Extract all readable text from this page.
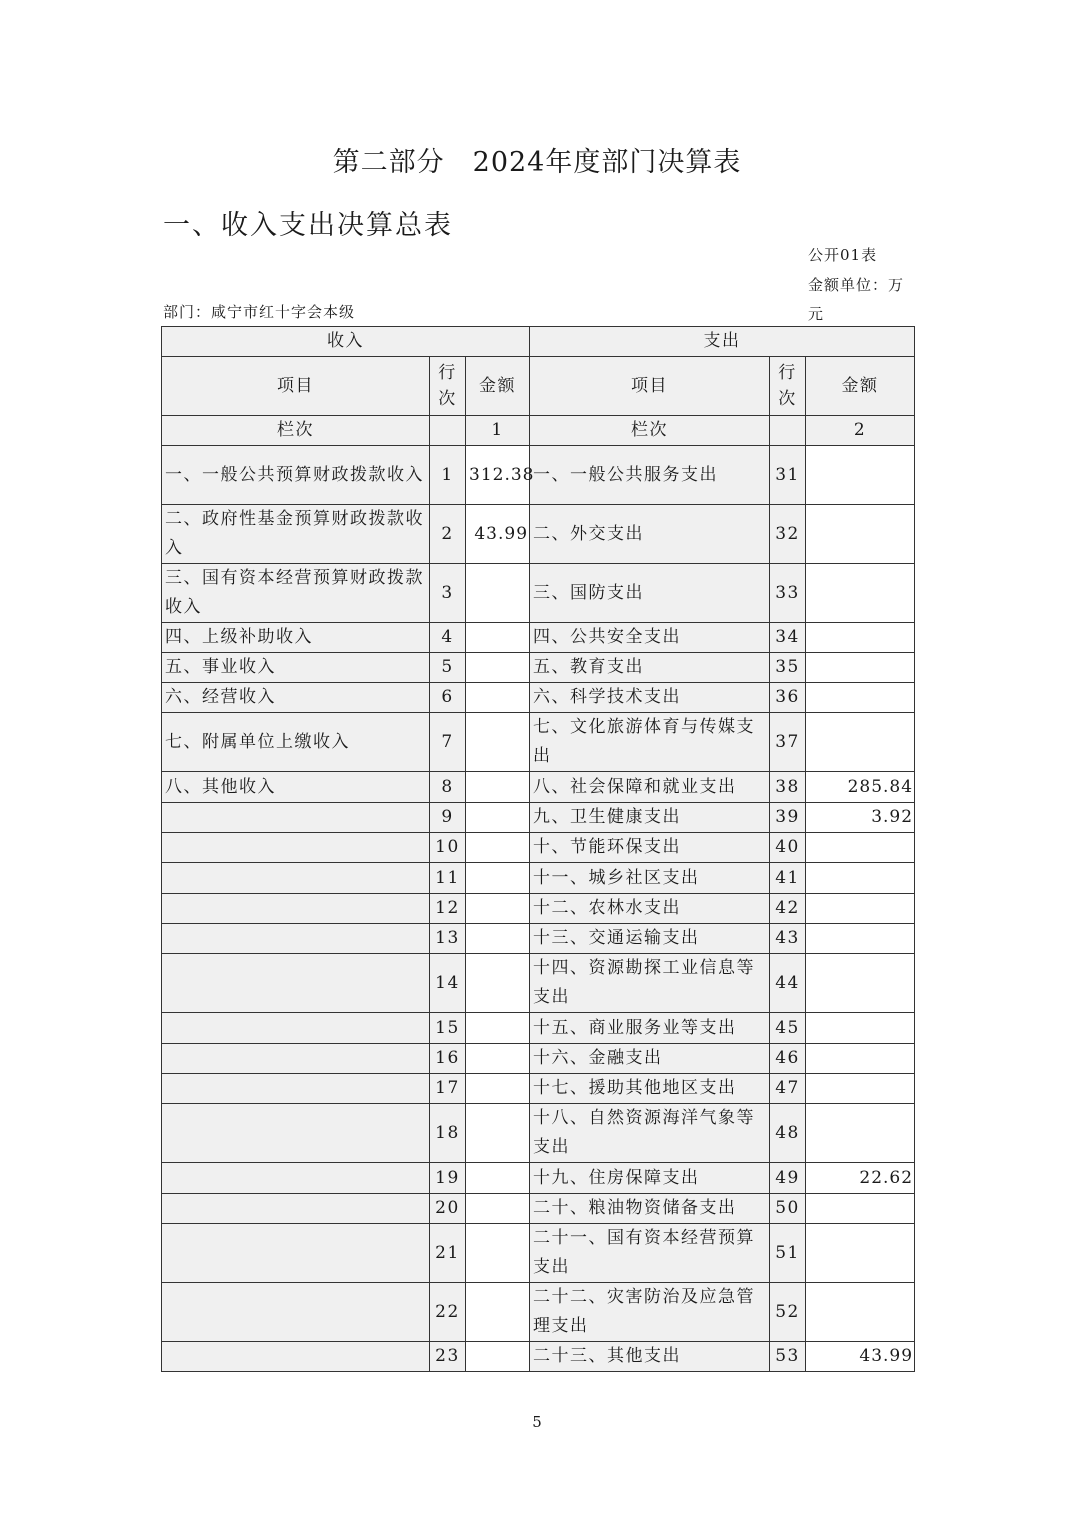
第二部分　2024年度部门决算表
一、收入支出决算总表
公开01表
金额单位：万
元
部门：咸宁市红十字会本级
收入			支出		
项目	行次	金额	项目	行次	金额
栏次		1	栏次		2
一、一般公共预算财政拨款收入	1	312.38	一、一般公共服务支出	31	
二、政府性基金预算财政拨款收入	2	43.99	二、外交支出	32	
三、国有资本经营预算财政拨款收入	3		三、国防支出	33	
四、上级补助收入	4		四、公共安全支出	34	
五、事业收入	5		五、教育支出	35	
六、经营收入	6		六、科学技术支出	36	
七、附属单位上缴收入	7		七、文化旅游体育与传媒支出	37	
八、其他收入	8		八、社会保障和就业支出	38	285.84
	9		九、卫生健康支出	39	3.92
	10		十、节能环保支出	40	
	11		十一、城乡社区支出	41	
	12		十二、农林水支出	42	
	13		十三、交通运输支出	43	
	14		十四、资源勘探工业信息等支出	44	
	15		十五、商业服务业等支出	45	
	16		十六、金融支出	46	
	17		十七、援助其他地区支出	47	
	18		十八、自然资源海洋气象等支出	48	
	19		十九、住房保障支出	49	22.62
	20		二十、粮油物资储备支出	50	
	21		二十一、国有资本经营预算支出	51	
	22		二十二、灾害防治及应急管理支出	52	
	23		二十三、其他支出	53	43.99
5
